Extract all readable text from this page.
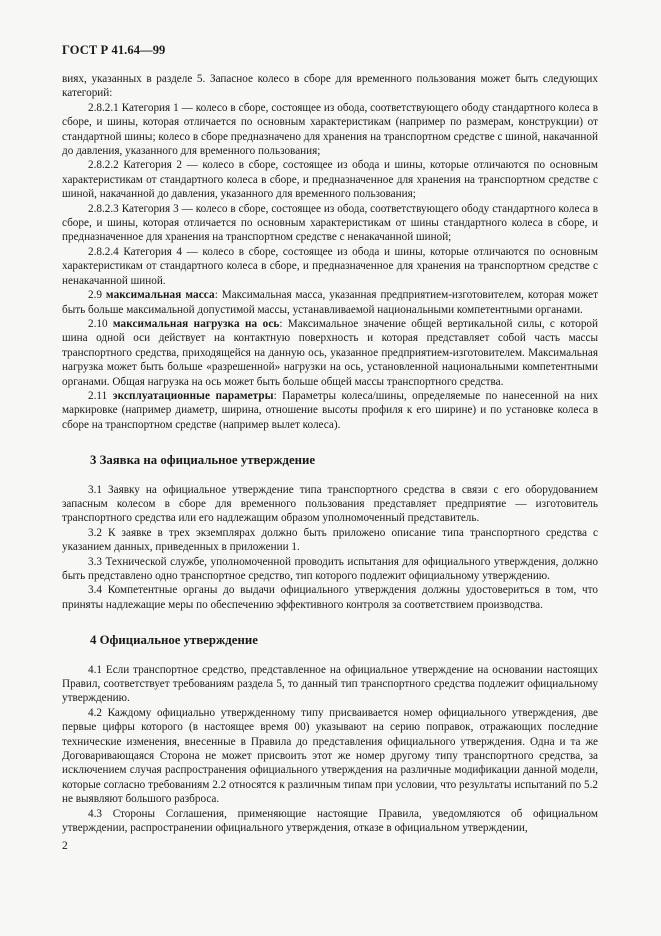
ГОСТ Р 41.64—99

виях, указанных в разделе 5. Запасное колесо в сборе для временного пользования может быть следующих категорий:

2.8.2.1 Категория 1 — колесо в сборе, состоящее из обода, соответствующего ободу стандартного колеса в сборе, и шины, которая отличается по основным характеристикам (например по размерам, конструкции) от стандартной шины; колесо в сборе предназначено для хранения на транспортном средстве с шиной, накачанной до давления, указанного для временного пользования;

2.8.2.2 Категория 2 — колесо в сборе, состоящее из обода и шины, которые отличаются по основным характеристикам от стандартного колеса в сборе, и предназначенное для хранения на транспортном средстве с шиной, накачанной до давления, указанного для временного пользования;

2.8.2.3 Категория 3 — колесо в сборе, состоящее из обода, соответствующего ободу стандартного колеса в сборе, и шины, которая отличается по основным характеристикам от шины стандартного колеса в сборе, и предназначенное для хранения на транспортном средстве с ненакачанной шиной;

2.8.2.4 Категория 4 — колесо в сборе, состоящее из обода и шины, которые отличаются по основным характеристикам от стандартного колеса в сборе, и предназначенное для хранения на транспортном средстве с ненакачанной шиной.

2.9 максимальная масса: Максимальная масса, указанная предприятием-изготовителем, которая может быть больше максимальной допустимой массы, устанавливаемой национальными компетентными органами.

2.10 максимальная нагрузка на ось: Максимальное значение общей вертикальной силы, с которой шина одной оси действует на контактную поверхность и которая представляет собой часть массы транспортного средства, приходящейся на данную ось, указанное предприятием-изготовителем. Максимальная нагрузка может быть больше «разрешенной» нагрузки на ось, установленной национальными компетентными органами. Общая нагрузка на ось может быть больше общей массы транспортного средства.

2.11 эксплуатационные параметры: Параметры колеса/шины, определяемые по нанесенной на них маркировке (например диаметр, ширина, отношение высоты профиля к его ширине) и по установке колеса в сборе на транспортном средстве (например вылет колеса).

3 Заявка на официальное утверждение

3.1 Заявку на официальное утверждение типа транспортного средства в связи с его оборудованием запасным колесом в сборе для временного пользования представляет предприятие — изготовитель транспортного средства или его надлежащим образом уполномоченный представитель.

3.2 К заявке в трех экземплярах должно быть приложено описание типа транспортного средства с указанием данных, приведенных в приложении 1.

3.3 Технической службе, уполномоченной проводить испытания для официального утверждения, должно быть представлено одно транспортное средство, тип которого подлежит официальному утверждению.

3.4 Компетентные органы до выдачи официального утверждения должны удостовериться в том, что приняты надлежащие меры по обеспечению эффективного контроля за соответствием производства.

4 Официальное утверждение

4.1 Если транспортное средство, представленное на официальное утверждение на основании настоящих Правил, соответствует требованиям раздела 5, то данный тип транспортного средства подлежит официальному утверждению.

4.2 Каждому официально утвержденному типу присваивается номер официального утверждения, две первые цифры которого (в настоящее время 00) указывают на серию поправок, отражающих последние технические изменения, внесенные в Правила до представления официального утверждения. Одна и та же Договаривающаяся Сторона не может присвоить этот же номер другому типу транспортного средства, за исключением случая распространения официального утверждения на различные модификации данной модели, которые согласно требованиям 2.2 относятся к различным типам при условии, что результаты испытаний по 5.2 не выявляют большого разброса.

4.3 Стороны Соглашения, применяющие настоящие Правила, уведомляются об официальном утверждении, распространении официального утверждения, отказе в официальном утверждении,

2
